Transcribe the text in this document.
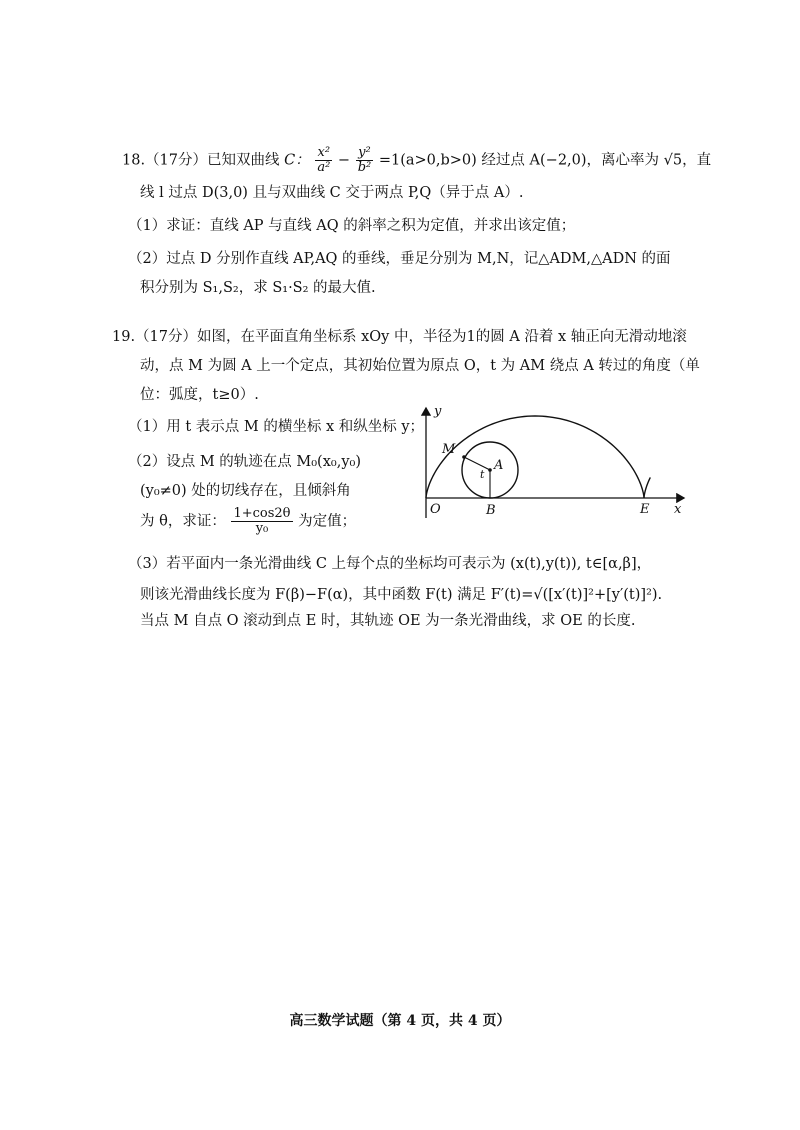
18.（17分）已知双曲线 C： $\frac{\text{x²}}{\text{a²}} - \frac{\text{y²}}{\text{b²}} =1(a>0,b>0)$ 经过点 A(−2,0)，离心率为 √5，直
线 l 过点 D(3,0) 且与双曲线 C 交于两点 P,Q（异于点 A）.
（1）求证：直线 AP 与直线 AQ 的斜率之积为定值，并求出该定值；
（2）过点 D 分别作直线 AP,AQ 的垂线，垂足分别为 M,N，记△ADM,△ADN 的面
积分别为 S₁,S₂，求 S₁·S₂ 的最大值.
19.（17分）如图，在平面直角坐标系 xOy 中，半径为1的圆 A 沿着 x 轴正向无滑动地滚
动，点 M 为圆 A 上一个定点，其初始位置为原点 O，t 为 AM 绕点 A 转过的角度（单
位：弧度，t≥0）.
（1）用 t 表示点 M 的横坐标 x 和纵坐标 y；
（2）设点 M 的轨迹在点 M₀(x₀,y₀)
(y₀≠0) 处的切线存在，且倾斜角
为 θ，求证： $\frac{1+\cos 2\theta}{\text{y₀}}$ 为定值；
y
x
O	B	E
M
A
t
（3）若平面内一条光滑曲线 C 上每个点的坐标均可表示为 (x(t),y(t)), t∈[α,β]，
则该光滑曲线长度为 F(β)−F(α)，其中函数 F(t) 满足 F′(t)=√([x′(t)]²+[y′(t)]²).
当点 M 自点 O 滚动到点 E 时，其轨迹 OE 为一条光滑曲线，求 OE 的长度.
高三数学试题（第 4 页，共 4 页）
